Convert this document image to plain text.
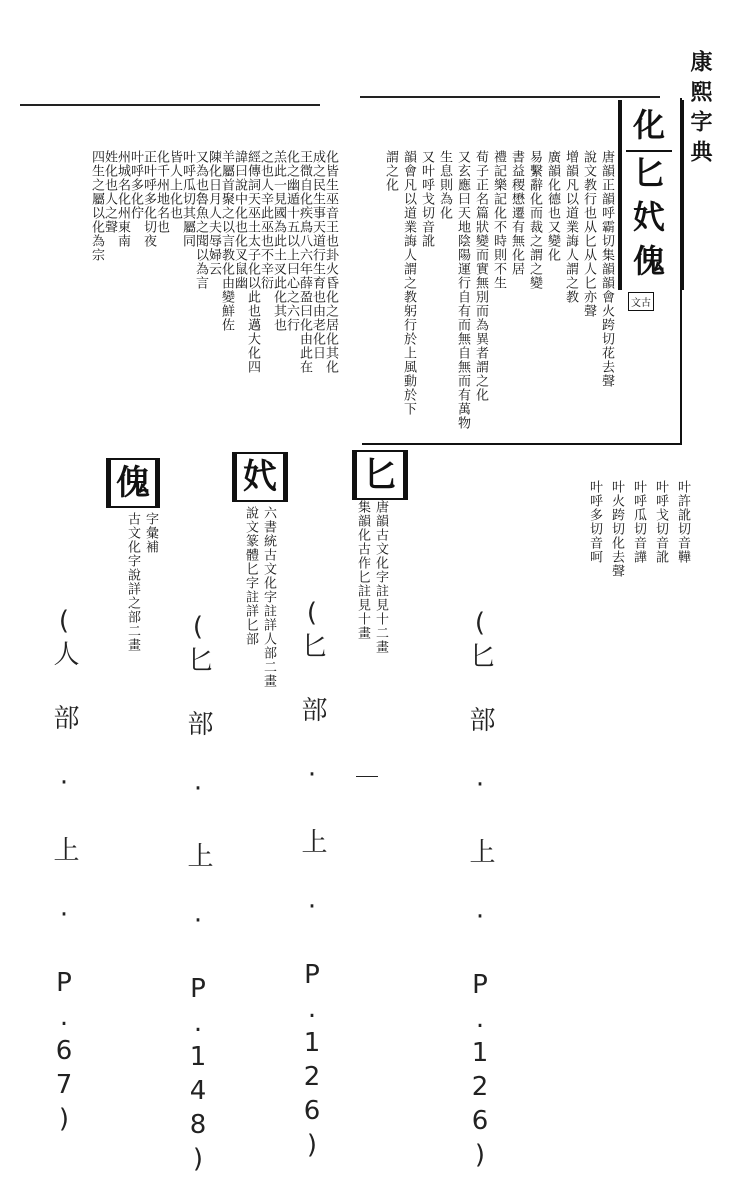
康熙字典
化皆生巫音王也卦火昏化之居化其化
成之民生事天道行生育也由老化日
王㣲自化疾鳥八六年薛盈曰化由此在
化之幽遁十五以上曰心之六行
羔此一見國為此土㕚此化其也
之也人辛此巫也不辛衍
經傳詞天巫土太子化以此也邁大化四
諱曰說中化也化叉鼠幽
羊屬首聚之以言教化由變鮮佐
陳化日月人夫辱婦云
又為也魯魚之聞以為言
叶呼瓜切其屬同
皆人上化也
化千州地名也
正叶呼多化切夜
叶呼多化佇
州城名化州東南
姓化也人之聲
四生之屬以化為宗
化
匕
㚤
傀
文古
唐韻正韻呼霸切集韻韻會火跨切花去聲
說文教行也从匕从人匕亦聲
增韻凡以道業誨人謂之教
廣韻化德也又變化
易繫辭化而裁之謂之變
書益稷懋遷有無化居
禮記樂記化不時則不生
荀子正名篇狀變而實無別而為異者謂之化
又玄應曰天地陰陽運行自有而無自無而有萬物
生息則為化
又叶呼戈切音訛
韻會凡以道業誨人謂之教躬行於上風動於下
謂之化
傀
字彙補
古文化字說詳之部二畫
(人 部 · 上 · P.67)
㚤
六書統古文化字註詳人部二畫
說文篆體匕字註詳匕部
(匕 部 · 上 · P.148)
匕
唐韻古文化字註見十二畫
集韻化古作匕註見十畫
(匕 部 · 上 · P.126)
叶許訛切音鞾
叶呼戈切音訛
叶呼瓜切音譁
叶火跨切化去聲
叶呼多切音呵
(匕 部 · 上 · P.126)
